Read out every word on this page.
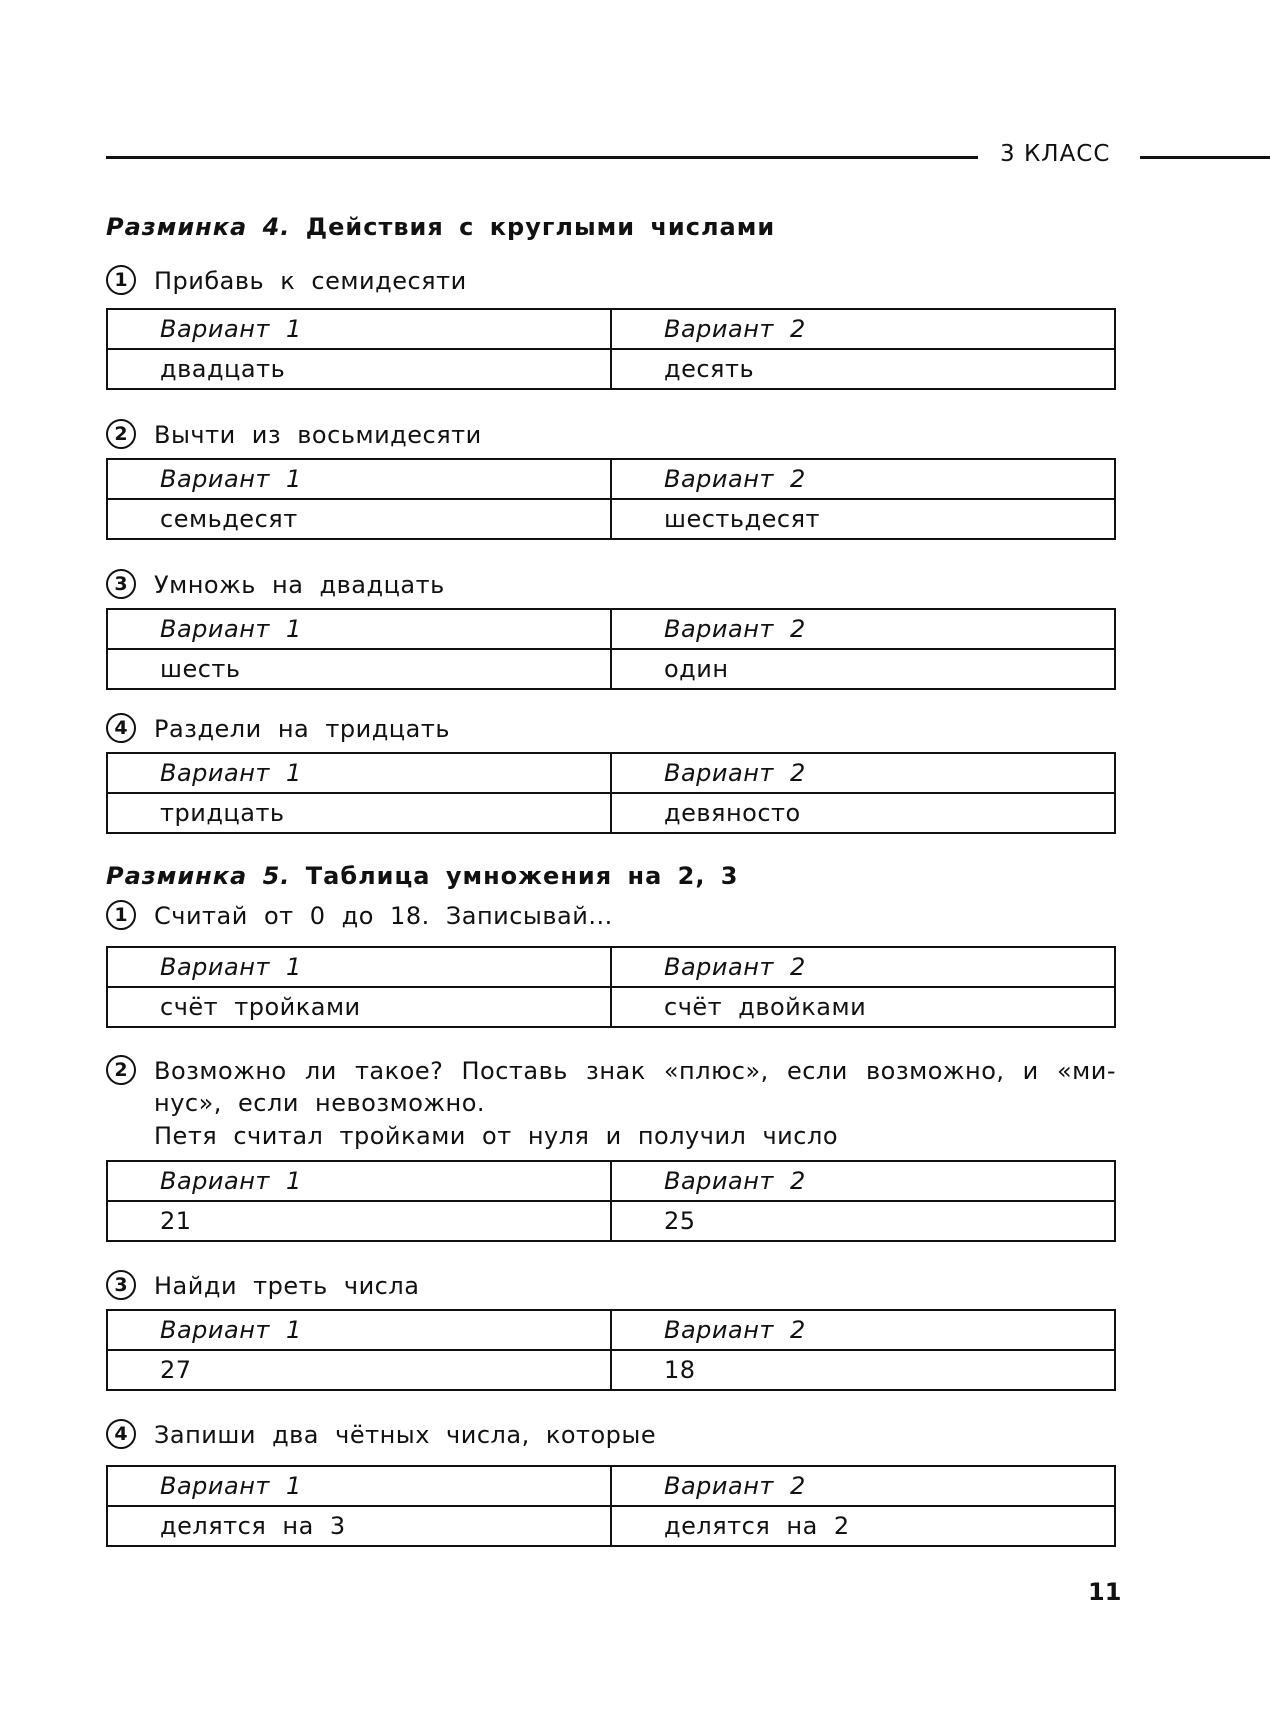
3 КЛАСС
Разминка 4. Действия с круглыми числами
1	Прибавь к семидесяти
Вариант 1	Вариант 2
двадцать	десять
2	Вычти из восьмидесяти
Вариант 1	Вариант 2
семьдесят	шестьдесят
3	Умножь на двадцать
Вариант 1	Вариант 2
шесть	один
4	Раздели на тридцать
Вариант 1	Вариант 2
тридцать	девяносто
Разминка 5. Таблица умножения на 2, 3
1	Считай от 0 до 18. Записывай...
Вариант 1	Вариант 2
счёт тройками	счёт двойками
2	Возможно ли такое? Поставь знак «плюс», если возможно, и «ми-нус», если невозможно.
Петя считал тройками от нуля и получил число
Вариант 1	Вариант 2
21	25
3	Найди треть числа
Вариант 1	Вариант 2
27	18
4	Запиши два чётных числа, которые
Вариант 1	Вариант 2
делятся на 3	делятся на 2
11
